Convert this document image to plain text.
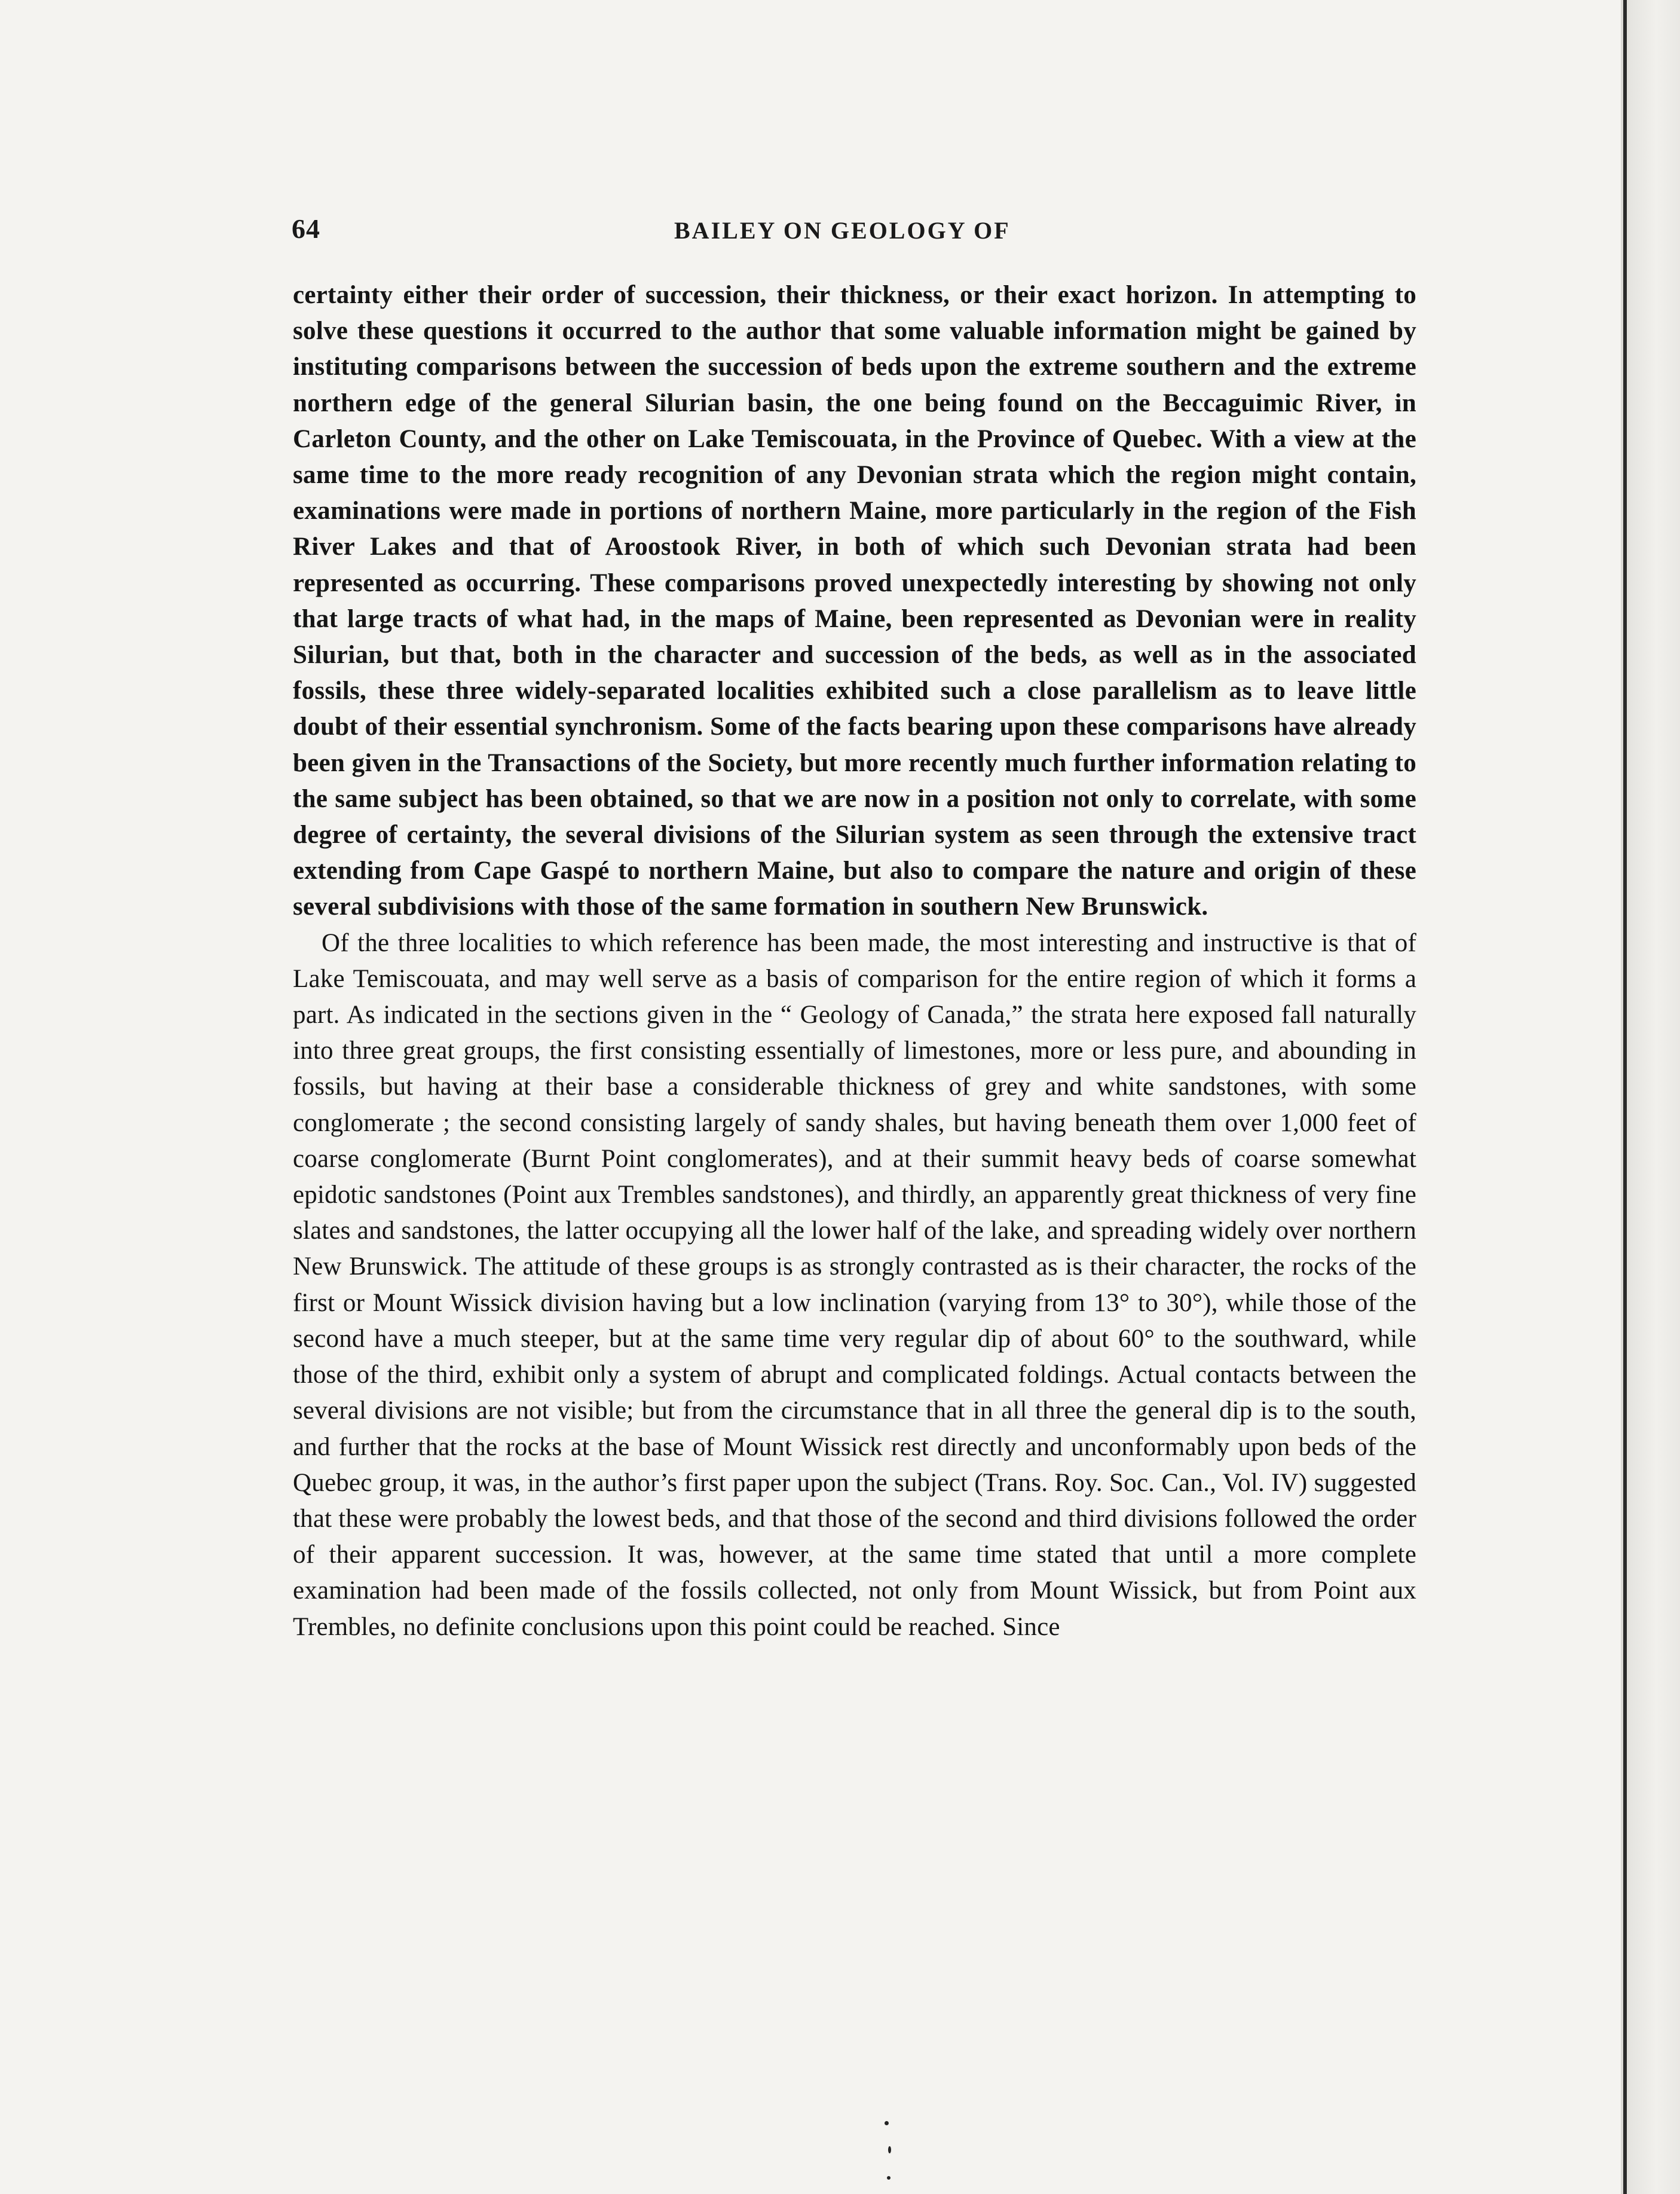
64	BAILEY ON GEOLOGY OF

certainty either their order of succession, their thickness, or their exact horizon. In attempting to solve these questions it occurred to the author that some valuable information might be gained by instituting comparisons between the succession of beds upon the extreme southern and the extreme northern edge of the general Silurian basin, the one being found on the Beccaguimic River, in Carleton County, and the other on Lake Temiscouata, in the Province of Quebec. With a view at the same time to the more ready recognition of any Devonian strata which the region might contain, examinations were made in portions of northern Maine, more particularly in the region of the Fish River Lakes and that of Aroostook River, in both of which such Devonian strata had been represented as occurring. These comparisons proved unexpectedly interesting by showing not only that large tracts of what had, in the maps of Maine, been represented as Devonian were in reality Silurian, but that, both in the character and succession of the beds, as well as in the associated fossils, these three widely-separated localities exhibited such a close parallelism as to leave little doubt of their essential synchronism. Some of the facts bearing upon these comparisons have already been given in the Transactions of the Society, but more recently much further information relating to the same subject has been obtained, so that we are now in a position not only to correlate, with some degree of certainty, the several divisions of the Silurian system as seen through the extensive tract extending from Cape Gaspé to northern Maine, but also to compare the nature and origin of these several subdivisions with those of the same formation in southern New Brunswick.

Of the three localities to which reference has been made, the most interesting and instructive is that of Lake Temiscouata, and may well serve as a basis of comparison for the entire region of which it forms a part. As indicated in the sections given in the “ Geology of Canada,” the strata here exposed fall naturally into three great groups, the first consisting essentially of limestones, more or less pure, and abounding in fossils, but having at their base a considerable thickness of grey and white sandstones, with some conglomerate ; the second consisting largely of sandy shales, but having beneath them over 1,000 feet of coarse conglomerate (Burnt Point conglomerates), and at their summit heavy beds of coarse somewhat epidotic sandstones (Point aux Trembles sandstones), and thirdly, an apparently great thickness of very fine slates and sandstones, the latter occupying all the lower half of the lake, and spreading widely over northern New Brunswick. The attitude of these groups is as strongly contrasted as is their character, the rocks of the first or Mount Wissick division having but a low inclination (varying from 13° to 30°), while those of the second have a much steeper, but at the same time very regular dip of about 60° to the southward, while those of the third, exhibit only a system of abrupt and complicated foldings. Actual contacts between the several divisions are not visible; but from the circumstance that in all three the general dip is to the south, and further that the rocks at the base of Mount Wissick rest directly and unconformably upon beds of the Quebec group, it was, in the author’s first paper upon the subject (Trans. Roy. Soc. Can., Vol. IV) suggested that these were probably the lowest beds, and that those of the second and third divisions followed the order of their apparent succession. It was, however, at the same time stated that until a more complete examination had been made of the fossils collected, not only from Mount Wissick, but from Point aux Trembles, no definite conclusions upon this point could be reached. Since
